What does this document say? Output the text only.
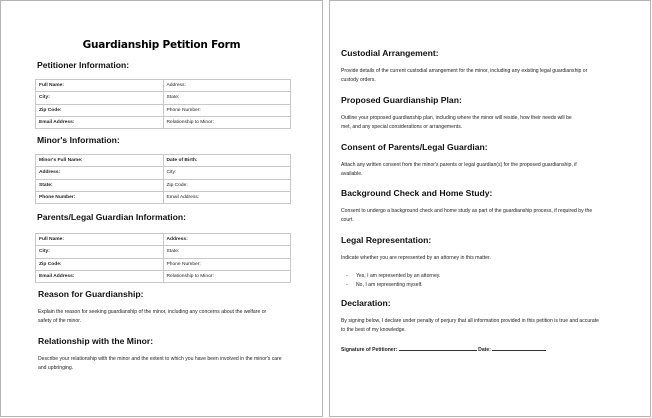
Guardianship Petition Form
Petitioner Information:
Full Name:	Address:
City:	State:
Zip Code:	Phone Number:
Email Address:	Relationship to Minor:
Minor's Information:
Minor's Full Name:	Date of Birth:
Address:	City:
State:	Zip Code:
Phone Number:	Email Address:
Parents/Legal Guardian Information:
Full Name:	Address:
City:	State:
Zip Code:	Phone Number:
Email Address:	Relationship to Minor:
Reason for Guardianship:
Explain the reason for seeking guardianship of the minor, including any concerns about the welfare or safety of the minor.
Relationship with the Minor:
Describe your relationship with the minor and the extent to which you have been involved in the minor's care and upbringing.
Custodial Arrangement:
Provide details of the current custodial arrangement for the minor, including any existing legal guardianship or custody orders.
Proposed Guardianship Plan:
Outline your proposed guardianship plan, including where the minor will reside, how their needs will be met, and any special considerations or arrangements.
Consent of Parents/Legal Guardian:
Attach any written consent from the minor's parents or legal guardian(s) for the proposed guardianship, if available.
Background Check and Home Study:
Consent to undergo a background check and home study as part of the guardianship process, if required by the court.
Legal Representation:
Indicate whether you are represented by an attorney in this matter.
- Yes, I am represented by an attorney.
- No, I am representing myself.
Declaration:
By signing below, I declare under penalty of perjury that all information provided in this petition is true and accurate to the best of my knowledge.
Signature of Petitioner:	Date:
